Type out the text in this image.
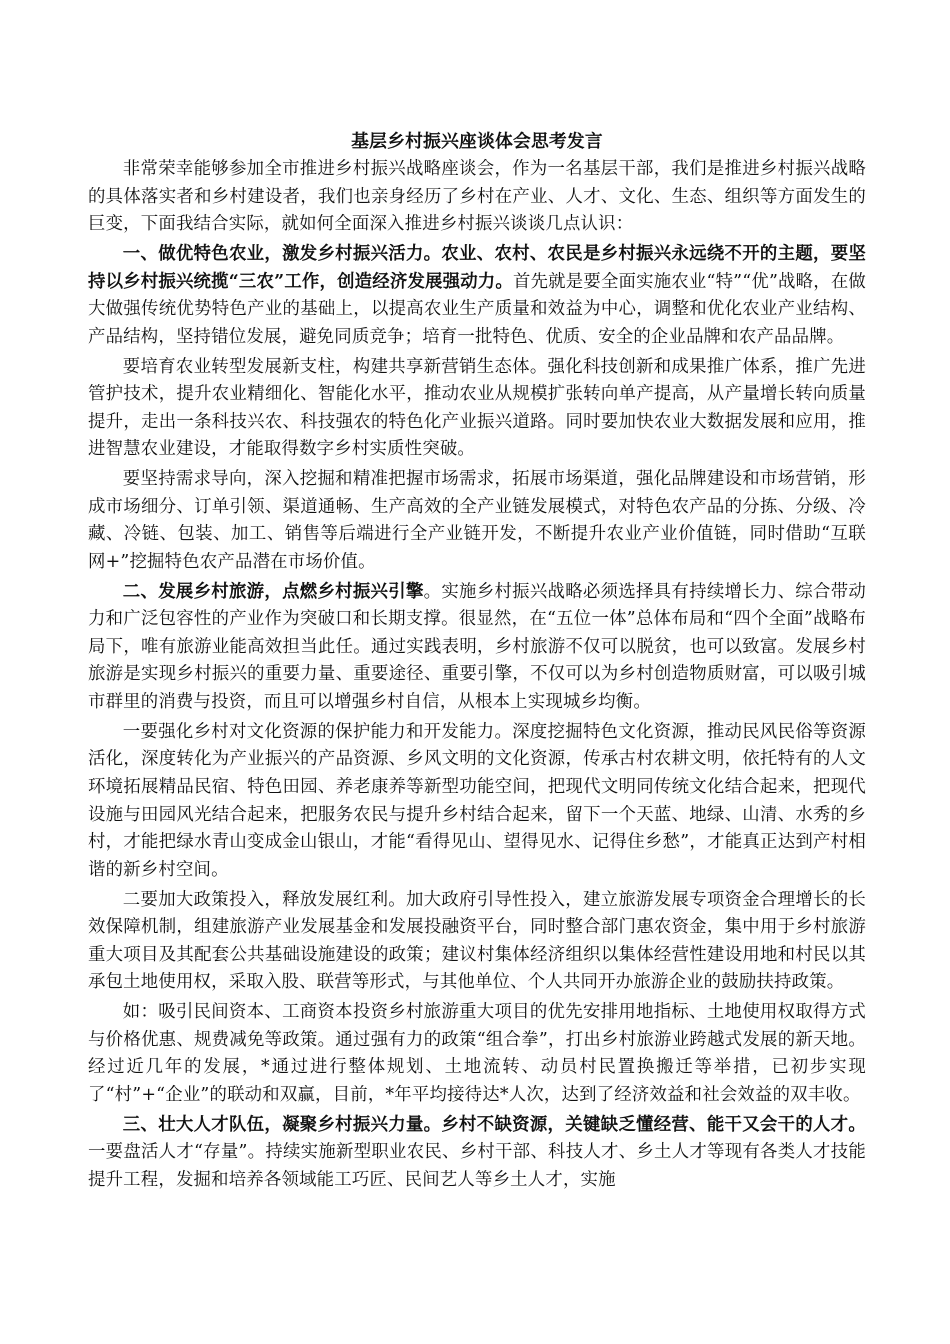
基层乡村振兴座谈体会思考发言

非常荣幸能够参加全市推进乡村振兴战略座谈会，作为一名基层干部，我们是推进乡村振兴战略的具体落实者和乡村建设者，我们也亲身经历了乡村在产业、人才、文化、生态、组织等方面发生的巨变，下面我结合实际，就如何全面深入推进乡村振兴谈谈几点认识：

一、做优特色农业，激发乡村振兴活力。农业、农村、农民是乡村振兴永远绕不开的主题，要坚持以乡村振兴统揽“三农”工作，创造经济发展强动力。首先就是要全面实施农业“特”“优”战略，在做大做强传统优势特色产业的基础上，以提高农业生产质量和效益为中心，调整和优化农业产业结构、产品结构，坚持错位发展，避免同质竞争；培育一批特色、优质、安全的企业品牌和农产品品牌。

要培育农业转型发展新支柱，构建共享新营销生态体。强化科技创新和成果推广体系，推广先进管护技术，提升农业精细化、智能化水平，推动农业从规模扩张转向单产提高，从产量增长转向质量提升，走出一条科技兴农、科技强农的特色化产业振兴道路。同时要加快农业大数据发展和应用，推进智慧农业建设，才能取得数字乡村实质性突破。

要坚持需求导向，深入挖掘和精准把握市场需求，拓展市场渠道，强化品牌建设和市场营销，形成市场细分、订单引领、渠道通畅、生产高效的全产业链发展模式，对特色农产品的分拣、分级、冷藏、冷链、包装、加工、销售等后端进行全产业链开发，不断提升农业产业价值链，同时借助“互联网+”挖掘特色农产品潜在市场价值。

二、发展乡村旅游，点燃乡村振兴引擎。实施乡村振兴战略必须选择具有持续增长力、综合带动力和广泛包容性的产业作为突破口和长期支撑。很显然，在“五位一体”总体布局和“四个全面”战略布局下，唯有旅游业能高效担当此任。通过实践表明，乡村旅游不仅可以脱贫，也可以致富。发展乡村旅游是实现乡村振兴的重要力量、重要途径、重要引擎，不仅可以为乡村创造物质财富，可以吸引城市群里的消费与投资，而且可以增强乡村自信，从根本上实现城乡均衡。

一要强化乡村对文化资源的保护能力和开发能力。深度挖掘特色文化资源，推动民风民俗等资源活化，深度转化为产业振兴的产品资源、乡风文明的文化资源，传承古村农耕文明，依托特有的人文环境拓展精品民宿、特色田园、养老康养等新型功能空间，把现代文明同传统文化结合起来，把现代设施与田园风光结合起来，把服务农民与提升乡村结合起来，留下一个天蓝、地绿、山清、水秀的乡村，才能把绿水青山变成金山银山，才能“看得见山、望得见水、记得住乡愁”，才能真正达到产村相谐的新乡村空间。

二要加大政策投入，释放发展红利。加大政府引导性投入，建立旅游发展专项资金合理增长的长效保障机制，组建旅游产业发展基金和发展投融资平台，同时整合部门惠农资金，集中用于乡村旅游重大项目及其配套公共基础设施建设的政策；建议村集体经济组织以集体经营性建设用地和村民以其承包土地使用权，采取入股、联营等形式，与其他单位、个人共同开办旅游企业的鼓励扶持政策。

如：吸引民间资本、工商资本投资乡村旅游重大项目的优先安排用地指标、土地使用权取得方式与价格优惠、规费减免等政策。通过强有力的政策“组合拳”，打出乡村旅游业跨越式发展的新天地。经过近几年的发展，*通过进行整体规划、土地流转、动员村民置换搬迁等举措，已初步实现了“村”+“企业”的联动和双赢，目前，*年平均接待达*人次，达到了经济效益和社会效益的双丰收。

三、壮大人才队伍，凝聚乡村振兴力量。乡村不缺资源，关键缺乏懂经营、能干又会干的人才。一要盘活人才“存量”。持续实施新型职业农民、乡村干部、科技人才、乡土人才等现有各类人才技能提升工程，发掘和培养各领域能工巧匠、民间艺人等乡土人才，实施
